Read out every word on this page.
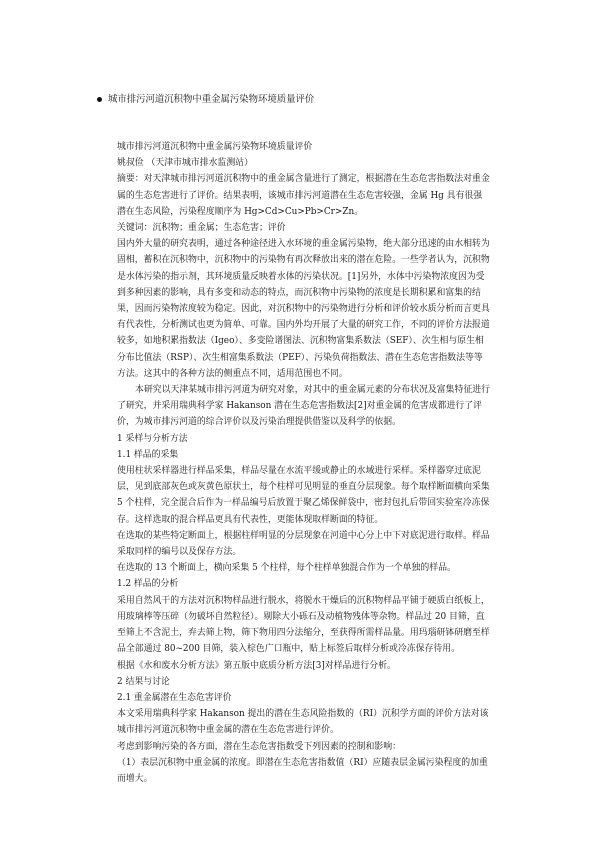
城市排污河道沉积物中重金属污染物环境质量评价

城市排污河道沉积物中重金属污染物环境质量评价

姚叔俭 （天津市城市排水监测站）

摘要：对天津城市排污河道沉积物中的重金属含量进行了测定，根据潜在生态危害指数法对重金属的生态危害进行了评价。结果表明，该城市排污河道潜在生态危害较强，金属 Hg 具有很强潜在生态风险，污染程度顺序为 Hg>Cd>Cu>Pb>Cr>Zn。

关键词：沉积物；重金属；生态危害；评价

国内外大量的研究表明，通过各种途径进入水环境的重金属污染物，绝大部分迅速的由水相转为固相，蓄积在沉积物中，沉积物中的污染物有再次释放出来的潜在危险。一些学者认为，沉积物是水体污染的指示剂，其环境质量反映着水体的污染状况。[1]另外，水体中污染物浓度因为受到多种因素的影响，具有多变和动态的特点，而沉积物中污染物的浓度是长期积累和富集的结果，因而污染物浓度较为稳定。因此，对沉积物中的污染物进行分析和评价较水质分析而言更具有代表性，分析测试也更为简单、可靠。国内外均开展了大量的研究工作，不同的评价方法报道较多，如地积累指数法（Igeo）、多变险谱图法、沉积物富集系数法（SEF）、次生相与原生相分布比值法（RSP）、次生相富集系数法（PEF）、污染负荷指数法、潜在生态危害指数法等等方法。这其中的各种方法的侧重点不同，适用范围也不同。

本研究以天津某城市排污河道为研究对象，对其中的重金属元素的分布状况及富集特征进行了研究，并采用瑞典科学家 Hakanson 潜在生态危害指数法[2]对重金属的危害成都进行了评价，为城市排污河道的综合评价以及污染治理提供借鉴以及科学的依据。

1 采样与分析方法

1.1 样品的采集

使用柱状采样器进行样品采集，样品尽量在水流平缓或静止的水域进行采样。采样器穿过底泥层，见到底部灰色或灰黄色原状土，每个柱样可见明显的垂直分层现象。每个取样断面横向采集 5 个柱样，完全混合后作为一样品编号后放置于聚乙烯保鲜袋中，密封包扎后带回实验室冷冻保存。这样选取的混合样品更具有代表性，更能体现取样断面的特征。

在选取的某些特定断面上，根据柱样明显的分层现象在河道中心分上中下对底泥进行取样。样品采取同样的编号以及保存方法。

在选取的 13 个断面上，横向采集 5 个柱样，每个柱样单独混合作为一个单独的样品。

1.2 样品的分析

采用自然风干的方法对沉积物样品进行脱水，将脱水干燥后的沉积物样品平铺于硬质白纸板上，用玻璃棒等压碎（勿破坏自然粒径）。剔除大小砾石及动植物残体等杂物。样品过 20 目筛，直至筛上不含泥土，弃去筛上物，筛下物用四分法缩分，至获得所需样品量。用玛瑙研钵研磨至样品全部通过 80~200 目筛，装入棕色广口瓶中，贴上标签后取样分析或冷冻保存待用。

根据《水和废水分析方法》第五版中底质分析方法[3]对样品进行分析。

2 结果与讨论

2.1 重金属潜在生态危害评价

本文采用瑞典科学家 Hakanson 提出的潜在生态风险指数的（RI）沉积学方面的评价方法对该城市排污河道沉积物中重金属的潜在生态危害进行评价。

考虑到影响污染的各方面，潜在生态危害指数受下列因素的控制和影响：

（1）表层沉积物中重金属的浓度。即潜在生态危害指数值（RI）应随表层金属污染程度的加重而增大。
